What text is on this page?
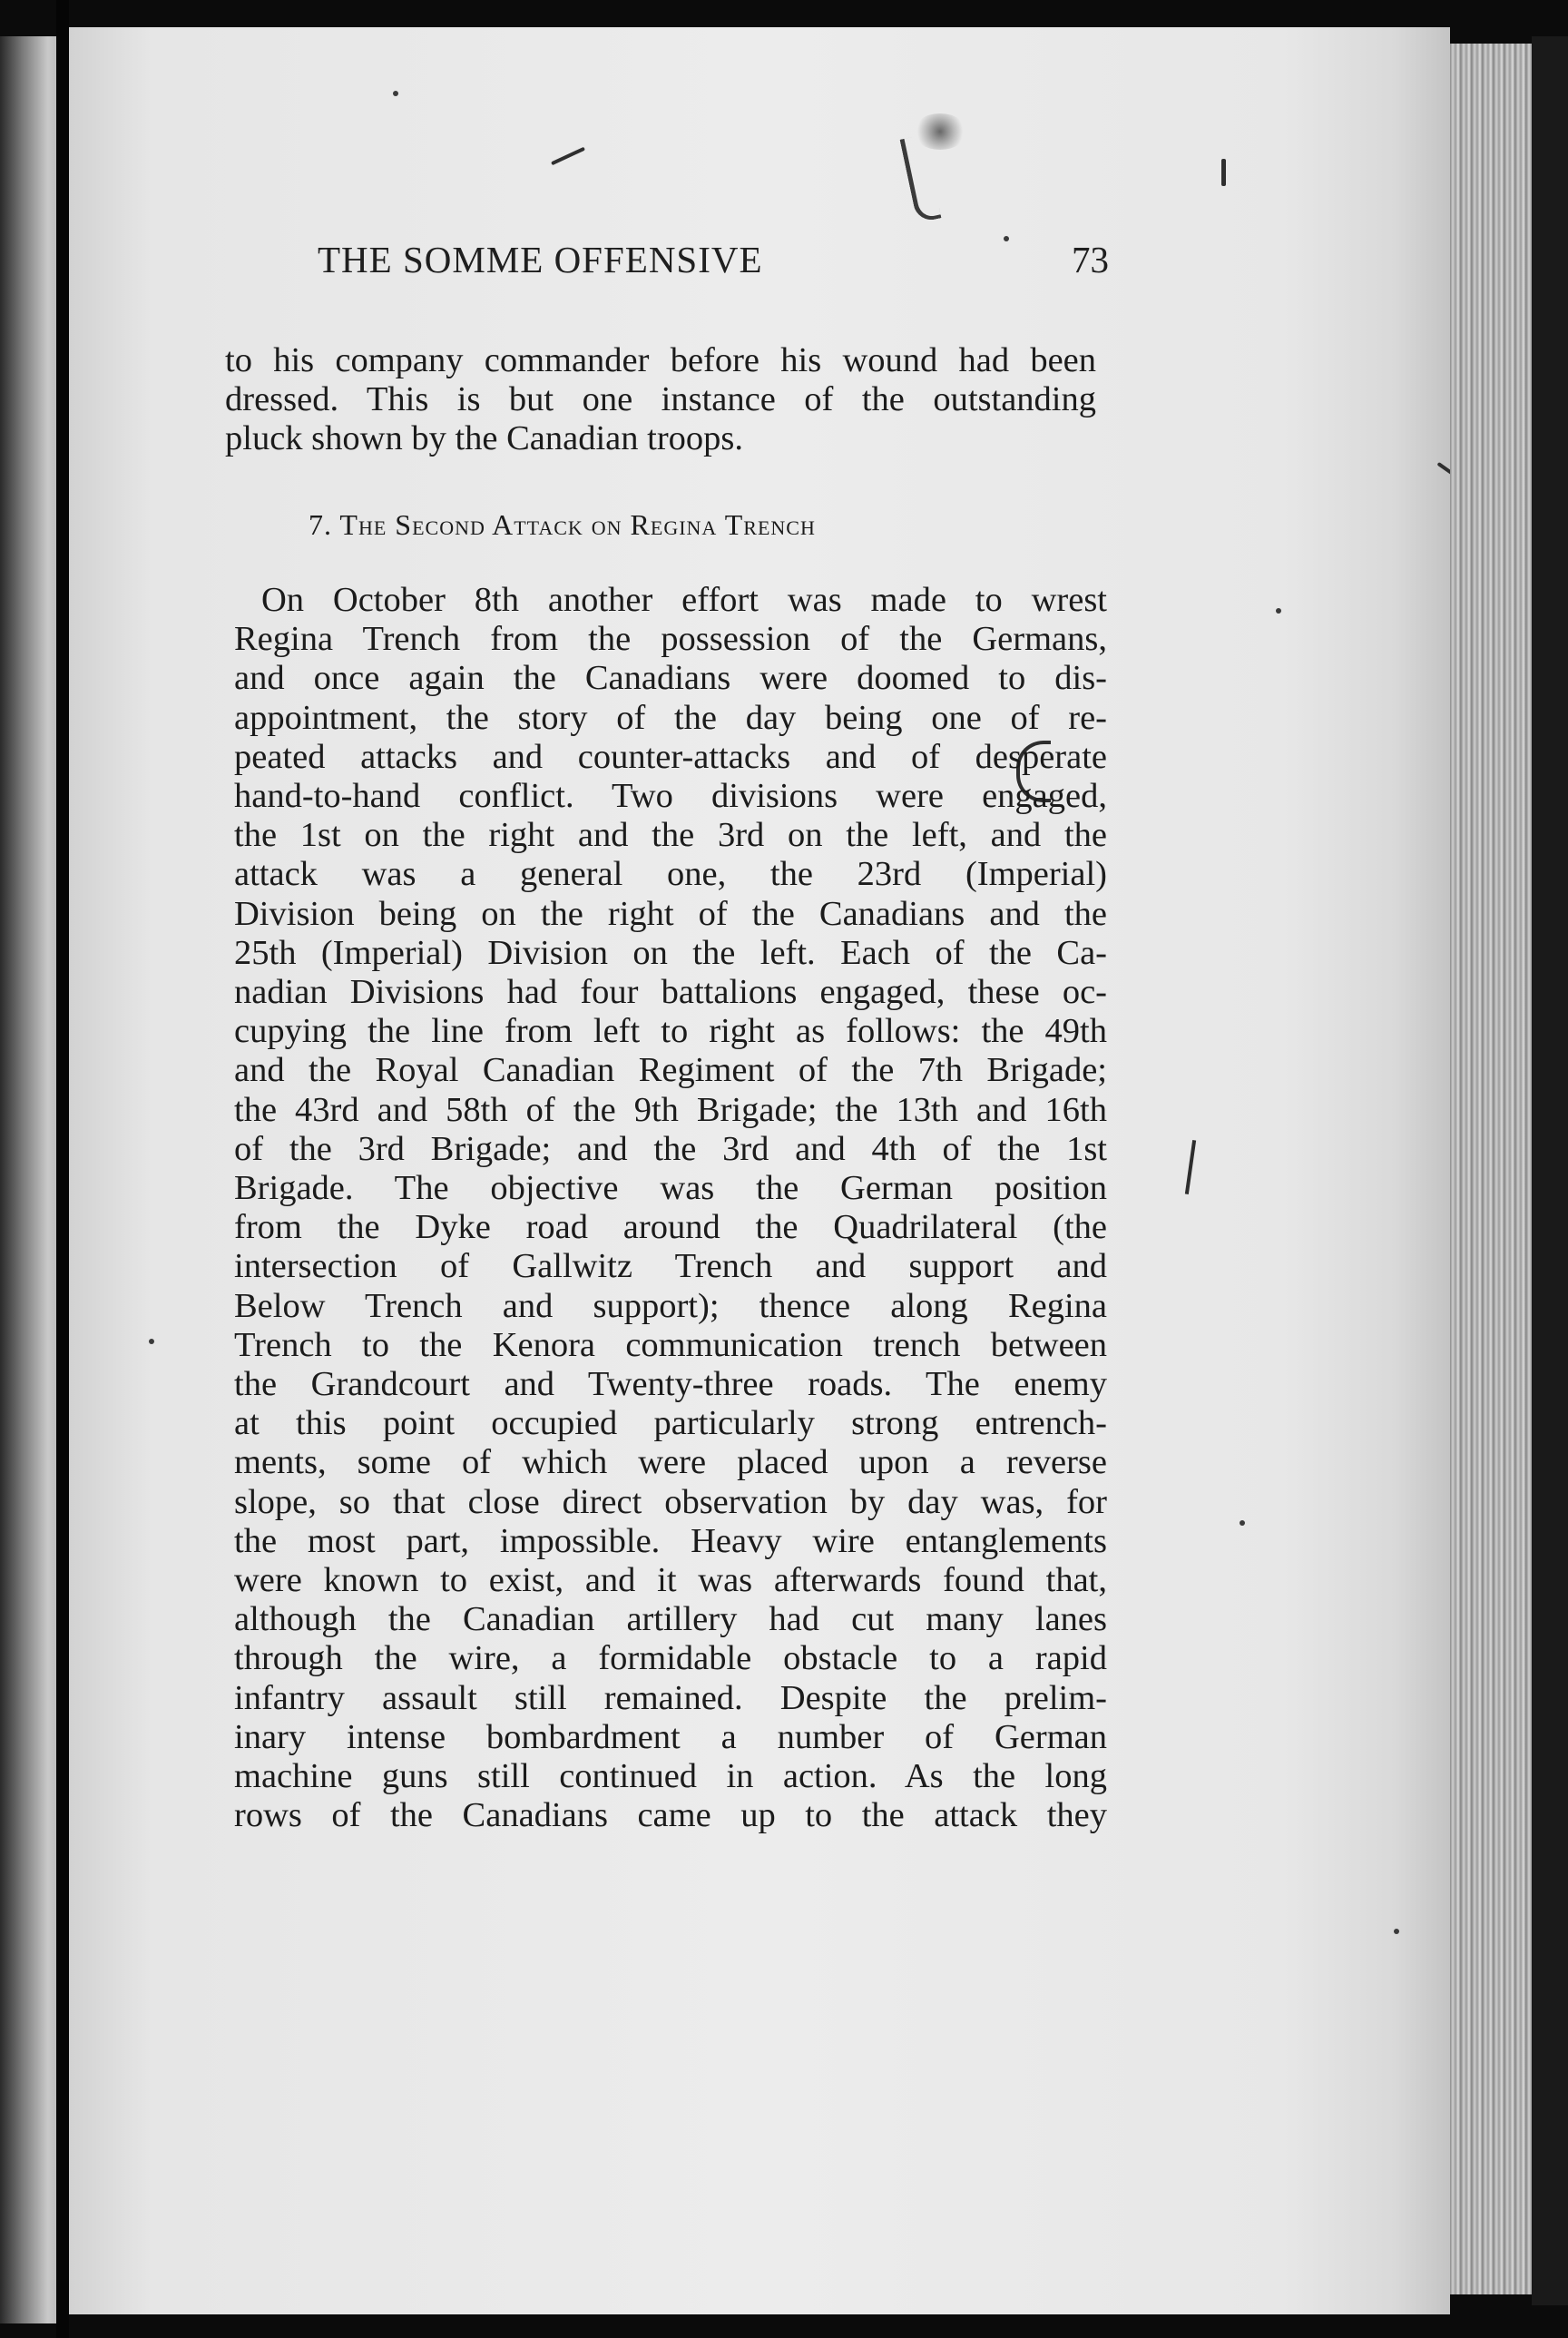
THE SOMME OFFENSIVE	73
to his company commander before his wound had been
dressed. This is but one instance of the outstanding
pluck shown by the Canadian troops.
7. The Second Attack on Regina Trench
On October 8th another effort was made to wrest
Regina Trench from the possession of the Germans,
and once again the Canadians were doomed to dis-
appointment, the story of the day being one of re-
peated attacks and counter-attacks and of desperate
hand-to-hand conflict. Two divisions were engaged,
the 1st on the right and the 3rd on the left, and the
attack was a general one, the 23rd (Imperial)
Division being on the right of the Canadians and the
25th (Imperial) Division on the left. Each of the Ca-
nadian Divisions had four battalions engaged, these oc-
cupying the line from left to right as follows: the 49th
and the Royal Canadian Regiment of the 7th Brigade;
the 43rd and 58th of the 9th Brigade; the 13th and 16th
of the 3rd Brigade; and the 3rd and 4th of the 1st
Brigade. The objective was the German position
from the Dyke road around the Quadrilateral (the
intersection of Gallwitz Trench and support and
Below Trench and support); thence along Regina
Trench to the Kenora communication trench between
the Grandcourt and Twenty-three roads. The enemy
at this point occupied particularly strong entrench-
ments, some of which were placed upon a reverse
slope, so that close direct observation by day was, for
the most part, impossible. Heavy wire entanglements
were known to exist, and it was afterwards found that,
although the Canadian artillery had cut many lanes
through the wire, a formidable obstacle to a rapid
infantry assault still remained. Despite the prelim-
inary intense bombardment a number of German
machine guns still continued in action. As the long
rows of the Canadians came up to the attack they
